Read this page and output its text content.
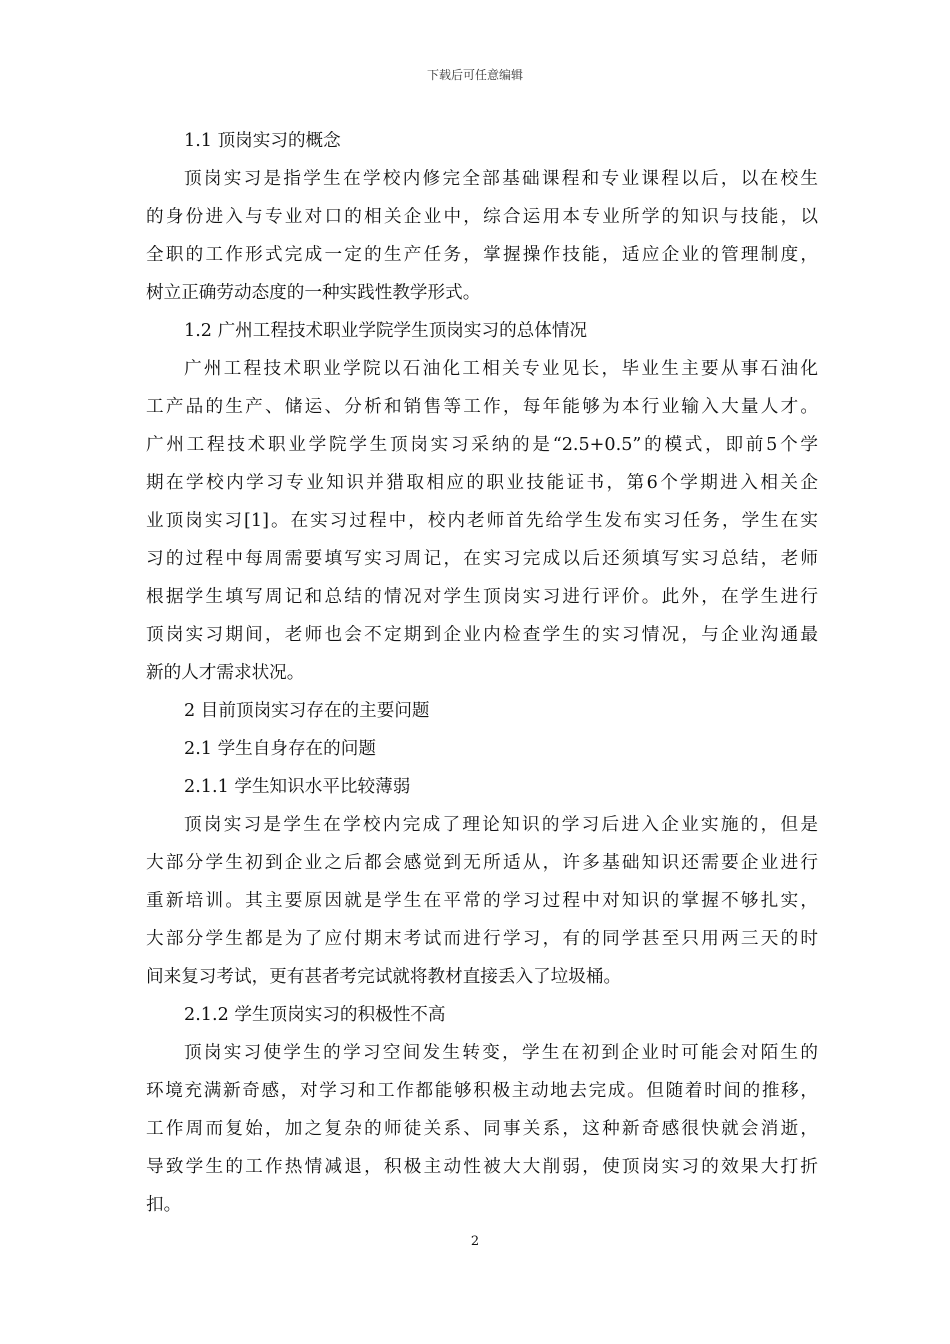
下载后可任意编辑
1.1 顶岗实习的概念
顶岗实习是指学生在学校内修完全部基础课程和专业课程以后，以在校生
的身份进入与专业对口的相关企业中，综合运用本专业所学的知识与技能，以
全职的工作形式完成一定的生产任务，掌握操作技能，适应企业的管理制度，
树立正确劳动态度的一种实践性教学形式。
1.2 广州工程技术职业学院学生顶岗实习的总体情况
广州工程技术职业学院以石油化工相关专业见长，毕业生主要从事石油化
工产品的生产、储运、分析和销售等工作，每年能够为本行业输入大量人才。
广州工程技术职业学院学生顶岗实习采纳的是“2.5+0.5”的模式，即前5个学
期在学校内学习专业知识并猎取相应的职业技能证书，第6个学期进入相关企
业顶岗实习[1]。在实习过程中，校内老师首先给学生发布实习任务，学生在实
习的过程中每周需要填写实习周记，在实习完成以后还须填写实习总结，老师
根据学生填写周记和总结的情况对学生顶岗实习进行评价。此外，在学生进行
顶岗实习期间，老师也会不定期到企业内检查学生的实习情况，与企业沟通最
新的人才需求状况。
2 目前顶岗实习存在的主要问题
2.1 学生自身存在的问题
2.1.1 学生知识水平比较薄弱
顶岗实习是学生在学校内完成了理论知识的学习后进入企业实施的，但是
大部分学生初到企业之后都会感觉到无所适从，许多基础知识还需要企业进行
重新培训。其主要原因就是学生在平常的学习过程中对知识的掌握不够扎实，
大部分学生都是为了应付期末考试而进行学习，有的同学甚至只用两三天的时
间来复习考试，更有甚者考完试就将教材直接丢入了垃圾桶。
2.1.2 学生顶岗实习的积极性不高
顶岗实习使学生的学习空间发生转变，学生在初到企业时可能会对陌生的
环境充满新奇感，对学习和工作都能够积极主动地去完成。但随着时间的推移，
工作周而复始，加之复杂的师徒关系、同事关系，这种新奇感很快就会消逝，
导致学生的工作热情减退，积极主动性被大大削弱，使顶岗实习的效果大打折
扣。
2
